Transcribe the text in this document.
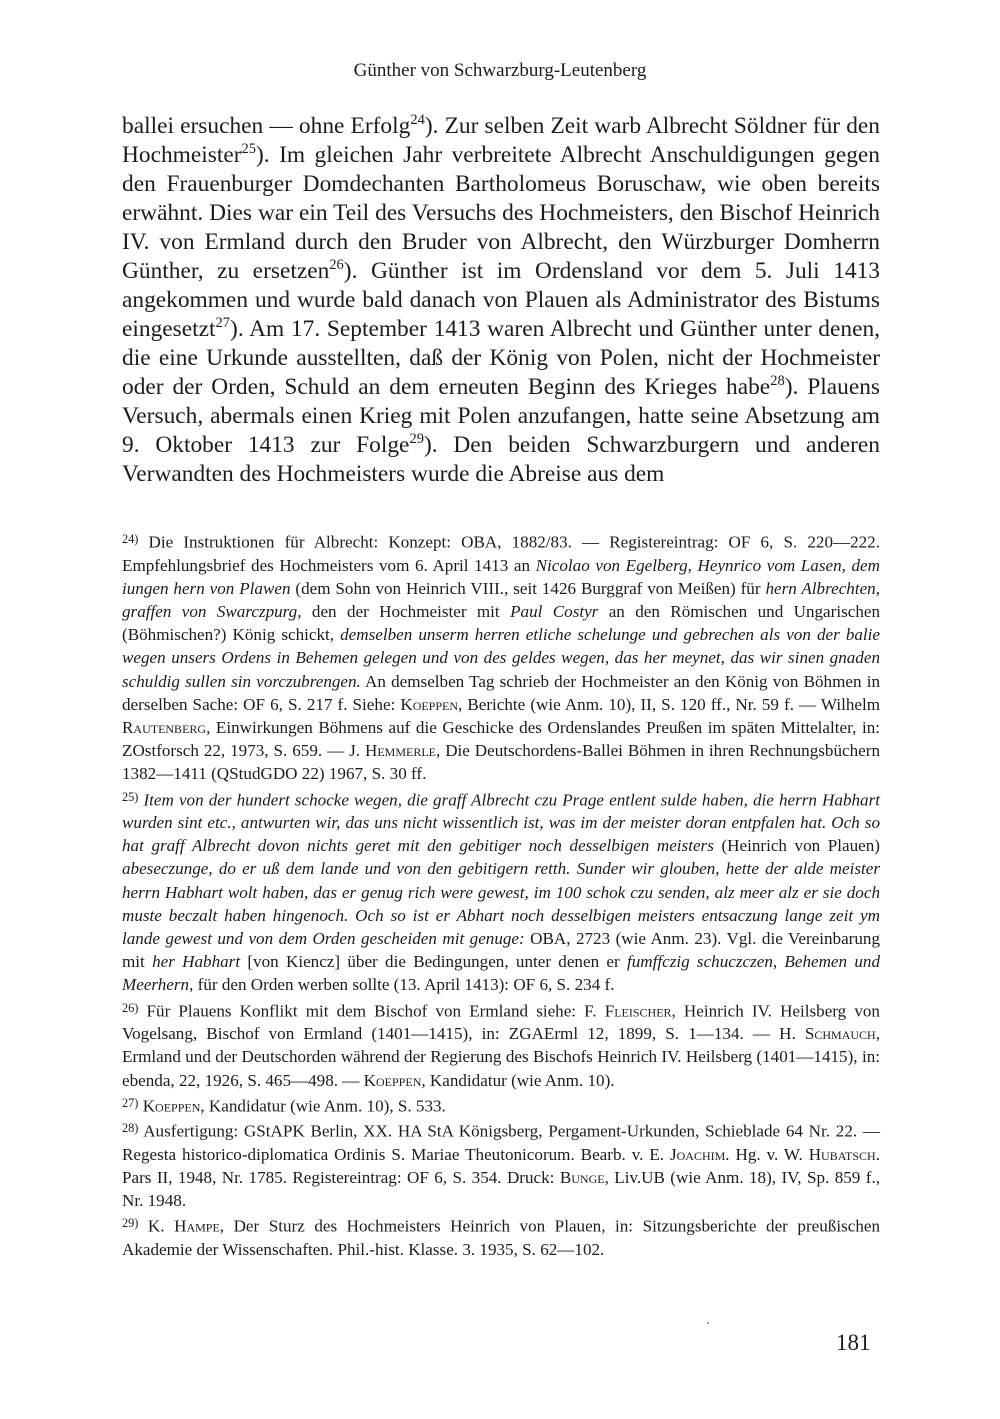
Günther von Schwarzburg-Leutenberg

ballei ersuchen — ohne Erfolg$^{24}$). Zur selben Zeit warb Albrecht Söldner für den Hochmeister$^{25}$). Im gleichen Jahr verbreitete Albrecht Anschuldigungen gegen den Frauenburger Domdechanten Bartholomeus Boruschaw, wie oben bereits erwähnt. Dies war ein Teil des Versuchs des Hochmeisters, den Bischof Heinrich IV. von Ermland durch den Bruder von Albrecht, den Würzburger Domherrn Günther, zu ersetzen$^{26}$). Günther ist im Ordensland vor dem 5. Juli 1413 angekommen und wurde bald danach von Plauen als Administrator des Bistums eingesetzt$^{27}$). Am 17. September 1413 waren Albrecht und Günther unter denen, die eine Urkunde ausstellten, daß der König von Polen, nicht der Hochmeister oder der Orden, Schuld an dem erneuten Beginn des Krieges habe$^{28}$). Plauens Versuch, abermals einen Krieg mit Polen anzufangen, hatte seine Absetzung am 9. Oktober 1413 zur Folge$^{29}$). Den beiden Schwarzburgern und anderen Verwandten des Hochmeisters wurde die Abreise aus dem

$^{24)}$ Die Instruktionen für Albrecht: Konzept: OBA, 1882/83. — Registereintrag: OF 6, S. 220—222. Empfehlungsbrief des Hochmeisters vom 6. April 1413 an Nicolao von Egelberg, Heynrico vom Lasen, dem iungen hern von Plawen (dem Sohn von Heinrich VIII., seit 1426 Burggraf von Meißen) für hern Albrechten, graffen von Swarczpurg, den der Hochmeister mit Paul Costyr an den Römischen und Ungarischen (Böhmischen?) König schickt, demselben unserm herren etliche schelunge und gebrechen als von der balie wegen unsers Ordens in Behemen gelegen und von des geldes wegen, das her meynet, das wir sinen gnaden schuldig sullen sin vorczubrengen. An demselben Tag schrieb der Hochmeister an den König von Böhmen in derselben Sache: OF 6, S. 217 f. Siehe: Koeppen, Berichte (wie Anm. 10), II, S. 120 ff., Nr. 59 f. — Wilhelm Rautenberg, Einwirkungen Böhmens auf die Geschicke des Ordenslandes Preußen im späten Mittelalter, in: ZOstforsch 22, 1973, S. 659. — J. Hemmerle, Die Deutschordens-Ballei Böhmen in ihren Rechnungsbüchern 1382—1411 (QStudGDO 22) 1967, S. 30 ff.

$^{25)}$ Item von der hundert schocke wegen, die graff Albrecht czu Prage entlent sulde haben, die herrn Habhart wurden sint etc., antwurten wir, das uns nicht wissentlich ist, was im der meister doran entpfalen hat. Och so hat graff Albrecht dovon nichts geret mit den gebitiger noch desselbigen meisters (Heinrich von Plauen) abeseczunge, do er uß dem lande und von den gebitigern retth. Sunder wir glouben, hette der alde meister herrn Habhart wolt haben, das er genug rich were gewest, im 100 schok czu senden, alz meer alz er sie doch muste beczalt haben hingenoch. Och so ist er Abhart noch desselbigen meisters entsaczung lange zeit ym lande gewest und von dem Orden gescheiden mit genuge: OBA, 2723 (wie Anm. 23). Vgl. die Vereinbarung mit her Habhart [von Kiencz] über die Bedingungen, unter denen er fumffczig schuczczen, Behemen und Meerhern, für den Orden werben sollte (13. April 1413): OF 6, S. 234 f.

$^{26)}$ Für Plauens Konflikt mit dem Bischof von Ermland siehe: F. Fleischer, Heinrich IV. Heilsberg von Vogelsang, Bischof von Ermland (1401—1415), in: ZGAErml 12, 1899, S. 1—134. — H. Schmauch, Ermland und der Deutschorden während der Regierung des Bischofs Heinrich IV. Heilsberg (1401—1415), in: ebenda, 22, 1926, S. 465—498. — Koeppen, Kandidatur (wie Anm. 10).

$^{27)}$ Koeppen, Kandidatur (wie Anm. 10), S. 533.

$^{28)}$ Ausfertigung: GStAPK Berlin, XX. HA StA Königsberg, Pergament-Urkunden, Schieblade 64 Nr. 22. — Regesta historico-diplomatica Ordinis S. Mariae Theutonicorum. Bearb. v. E. Joachim. Hg. v. W. Hubatsch. Pars II, 1948, Nr. 1785. Registereintrag: OF 6, S. 354. Druck: Bunge, Liv.UB (wie Anm. 18), IV, Sp. 859 f., Nr. 1948.

$^{29)}$ K. Hampe, Der Sturz des Hochmeisters Heinrich von Plauen, in: Sitzungsberichte der preußischen Akademie der Wissenschaften. Phil.-hist. Klasse. 3. 1935, S. 62—102.

181
